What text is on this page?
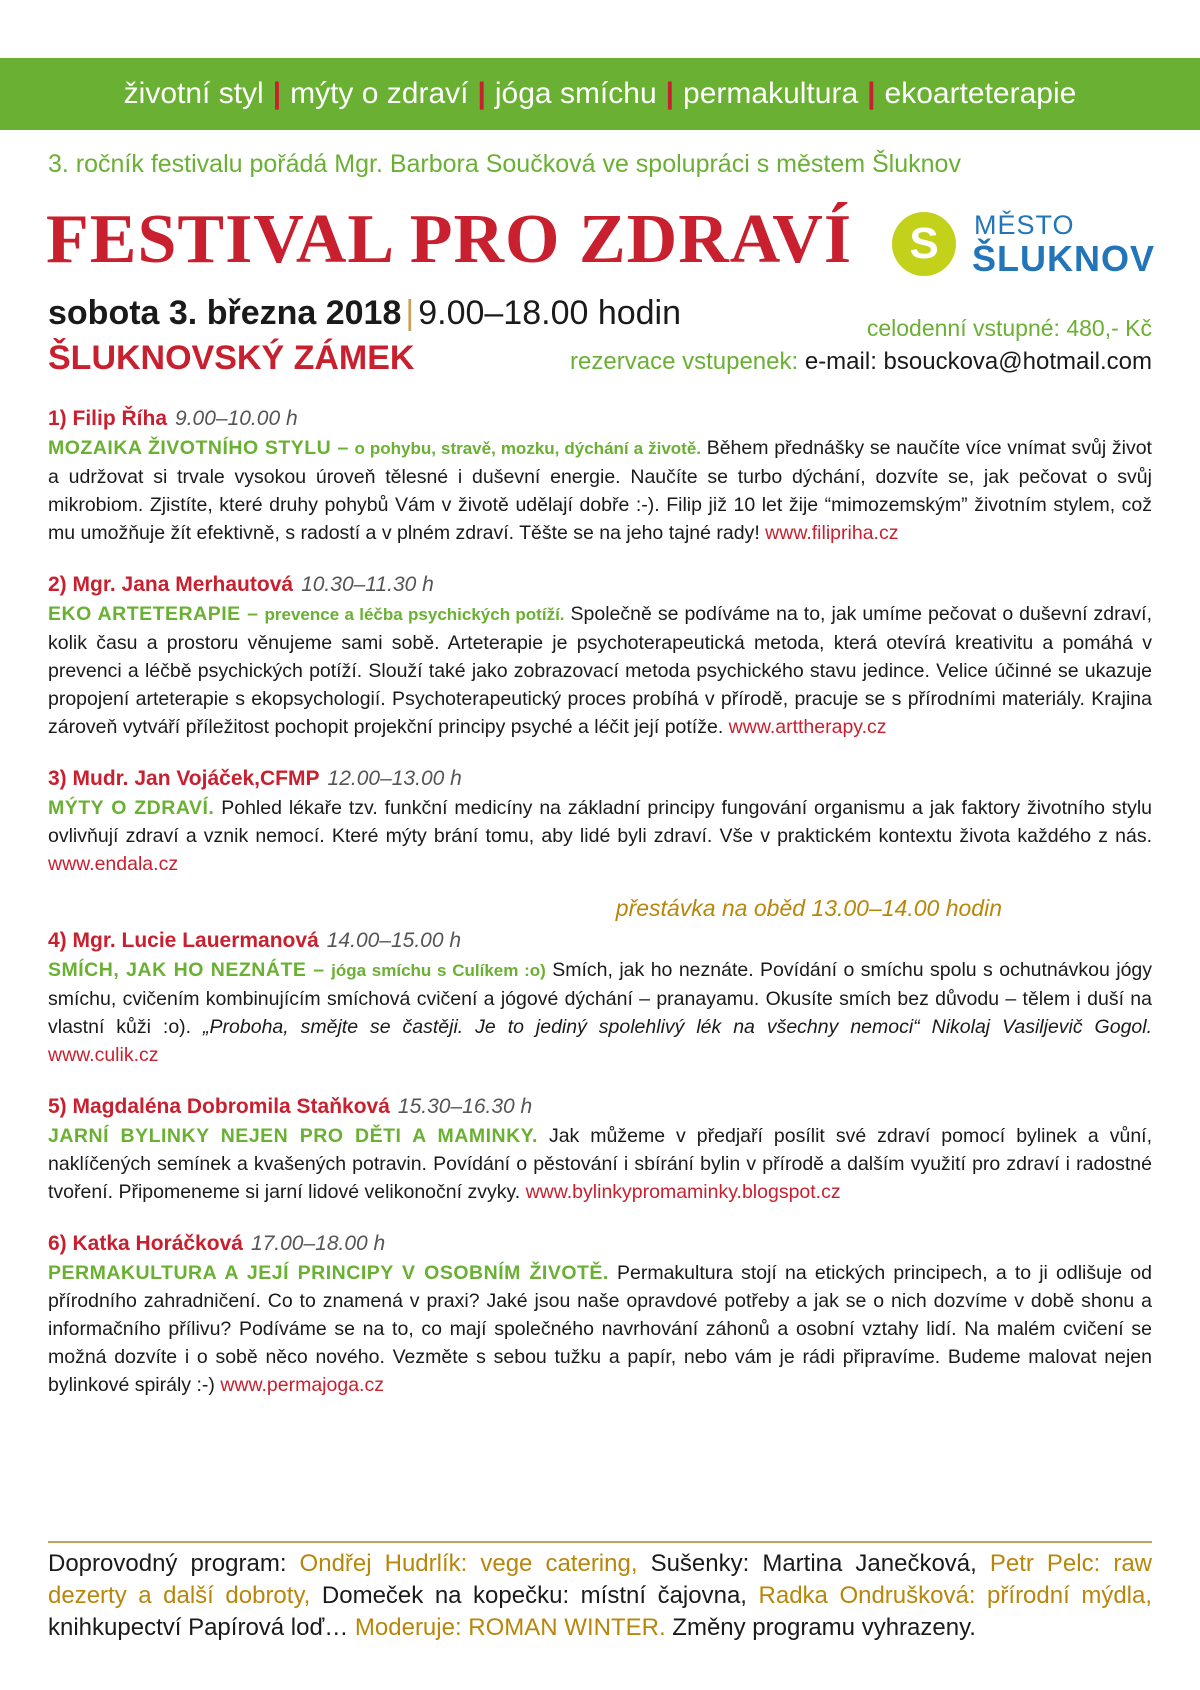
životní styl | mýty o zdraví | jóga smíchu | permakultura | ekoarteterapie
3. ročník festivalu pořádá Mgr. Barbora Součková ve spolupráci s městem Šluknov
FESTIVAL PRO ZDRAVÍ	S	MĚSTO
ŠLUKNOV
sobota 3. března 2018 | 9.00–18.00 hodin
ŠLUKNOVSKÝ ZÁMEK
celodenní vstupné: 480,- Kč
rezervace vstupenek: e-mail: bsouckova@hotmail.com
1) Filip Říha 9.00–10.00 h
MOZAIKA ŽIVOTNÍHO STYLU – o pohybu, stravě, mozku, dýchání a životě. Během přednášky se naučíte více vnímat svůj život a udržovat si trvale vysokou úroveň tělesné i duševní energie. Naučíte se turbo dýchání, dozvíte se, jak pečovat o svůj mikrobiom. Zjistíte, které druhy pohybů Vám v životě udělají dobře :-). Filip již 10 let žije “mimozemským” životním stylem, což mu umožňuje žít efektivně, s radostí a v plném zdraví. Těšte se na jeho tajné rady! www.filipriha.cz
2) Mgr. Jana Merhautová 10.30–11.30 h
EKO ARTETERAPIE – prevence a léčba psychických potíží. Společně se podíváme na to, jak umíme pečovat o duševní zdraví, kolik času a prostoru věnujeme sami sobě. Arteterapie je psychoterapeutická metoda, která otevírá kreativitu a pomáhá v prevenci a léčbě psychických potíží. Slouží také jako zobrazovací metoda psychického stavu jedince. Velice účinné se ukazuje propojení arteterapie s ekopsychologií. Psychoterapeutický proces probíhá v přírodě, pracuje se s přírodními materiály. Krajina zároveň vytváří příležitost pochopit projekční principy psyché a léčit její potíže. www.arttherapy.cz
3) Mudr. Jan Vojáček,CFMP 12.00–13.00 h
MÝTY O ZDRAVÍ. Pohled lékaře tzv. funkční medicíny na základní principy fungování organismu a jak faktory životního stylu ovlivňují zdraví a vznik nemocí. Které mýty brání tomu, aby lidé byli zdraví. Vše v praktickém kontextu života každého z nás. www.endala.cz
přestávka na oběd 13.00–14.00 hodin
4) Mgr. Lucie Lauermanová 14.00–15.00 h
SMÍCH, JAK HO NEZNÁTE – jóga smíchu s Culíkem :o) Smích, jak ho neznáte. Povídání o smíchu spolu s ochutnávkou jógy smíchu, cvičením kombinujícím smíchová cvičení a jógové dýchání – pranayamu. Okusíte smích bez důvodu – tělem i duší na vlastní kůži :o). „Proboha, smějte se častěji. Je to jediný spolehlivý lék na všechny nemoci“ Nikolaj Vasiljevič Gogol. www.culik.cz
5) Magdaléna Dobromila Staňková 15.30–16.30 h
JARNÍ BYLINKY NEJEN PRO DĚTI A MAMINKY. Jak můžeme v předjaří posílit své zdraví pomocí bylinek a vůní, naklíčených semínek a kvašených potravin. Povídání o pěstování i sbírání bylin v přírodě a dalším využití pro zdraví i radostné tvoření. Připomeneme si jarní lidové velikonoční zvyky. www.bylinkypromaminky.blogspot.cz
6) Katka Horáčková 17.00–18.00 h
PERMAKULTURA A JEJÍ PRINCIPY V OSOBNÍM ŽIVOTĚ. Permakultura stojí na etických principech, a to ji odlišuje od přírodního zahradničení. Co to znamená v praxi? Jaké jsou naše opravdové potřeby a jak se o nich dozvíme v době shonu a informačního přílivu? Podíváme se na to, co mají společného navrhování záhonů a osobní vztahy lidí. Na malém cvičení se možná dozvíte i o sobě něco nového. Vezměte s sebou tužku a papír, nebo vám je rádi připravíme. Budeme malovat nejen bylinkové spirály :-) www.permajoga.cz
Doprovodný program: Ondřej Hudrlík: vege catering, Sušenky: Martina Janečková, Petr Pelc: raw dezerty a další dobroty, Domeček na kopečku: místní čajovna, Radka Ondrušková: přírodní mýdla, knihkupectví Papírová loď… Moderuje: ROMAN WINTER. Změny programu vyhrazeny.
